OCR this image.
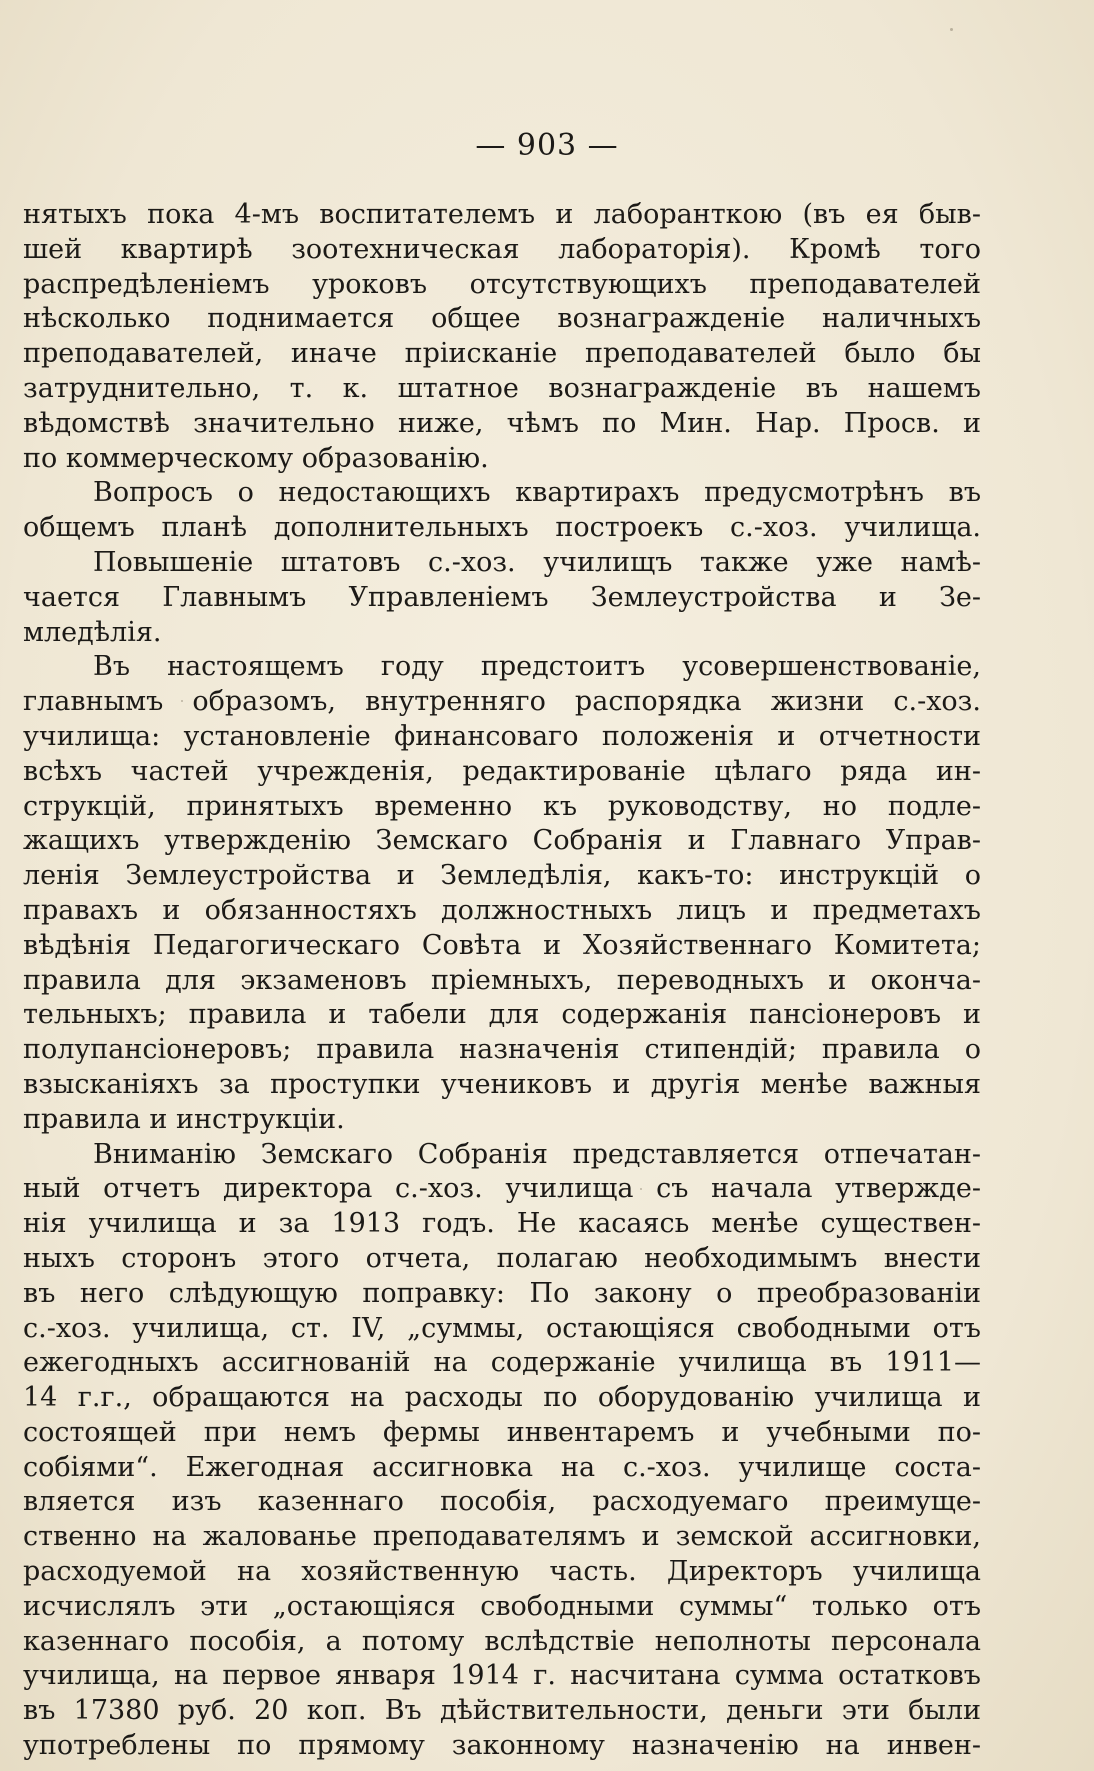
— 903 —
нятыхъ пока 4-мъ воспитателемъ и лаборанткою (въ ея быв-
шей квартирѣ зоотехническая лабораторія). Кромѣ того
распредѣленіемъ уроковъ отсутствующихъ преподавателей
нѣсколько поднимается общее вознагражденіе наличныхъ
преподавателей, иначе пріисканіе преподавателей было бы
затруднительно, т. к. штатное вознагражденіе въ нашемъ
вѣдомствѣ значительно ниже, чѣмъ по Мин. Нар. Просв. и
по коммерческому образованію.
Вопросъ о недостающихъ квартирахъ предусмотрѣнъ въ
общемъ планѣ дополнительныхъ построекъ с.-хоз. училища.
Повышеніе штатовъ с.-хоз. училищъ также уже намѣ-
чается Главнымъ Управленіемъ Землеустройства и Зе-
мледѣлія.
Въ настоящемъ году предстоитъ усовершенствованіе,
главнымъ образомъ, внутренняго распорядка жизни с.-хоз.
училища: установленіе финансоваго положенія и отчетности
всѣхъ частей учрежденія, редактированіе цѣлаго ряда ин-
струкцій, принятыхъ временно къ руководству, но подле-
жащихъ утвержденію Земскаго Собранія и Главнаго Управ-
ленія Землеустройства и Земледѣлія, какъ-то: инструкцій о
правахъ и обязанностяхъ должностныхъ лицъ и предметахъ
вѣдѣнія Педагогическаго Совѣта и Хозяйственнаго Комитета;
правила для экзаменовъ пріемныхъ, переводныхъ и оконча-
тельныхъ; правила и табели для содержанія пансіонеровъ и
полупансіонеровъ; правила назначенія стипендій; правила о
взысканіяхъ за проступки учениковъ и другія менѣе важныя
правила и инструкціи.
Вниманію Земскаго Собранія представляется отпечатан-
ный отчетъ директора с.-хоз. училища съ начала утвержде-
нія училища и за 1913 годъ. Не касаясь менѣе существен-
ныхъ сторонъ этого отчета, полагаю необходимымъ внести
въ него слѣдующую поправку: По закону о преобразованіи
с.-хоз. училища, ст. IV, „суммы, остающіяся свободными отъ
ежегодныхъ ассигнованій на содержаніе училища въ 1911—
14 г.г., обращаются на расходы по оборудованію училища и
состоящей при немъ фермы инвентаремъ и учебными по-
собіями“. Ежегодная ассигновка на с.-хоз. училище соста-
вляется изъ казеннаго пособія, расходуемаго преимуще-
ственно на жалованье преподавателямъ и земской ассигновки,
расходуемой на хозяйственную часть. Директоръ училища
исчислялъ эти „остающіяся свободными суммы“ только отъ
казеннаго пособія, а потому вслѣдствіе неполноты персонала
училища, на первое января 1914 г. насчитана сумма остатковъ
въ 17380 руб. 20 коп. Въ дѣйствительности, деньги эти были
употреблены по прямому законному назначенію на инвен-
